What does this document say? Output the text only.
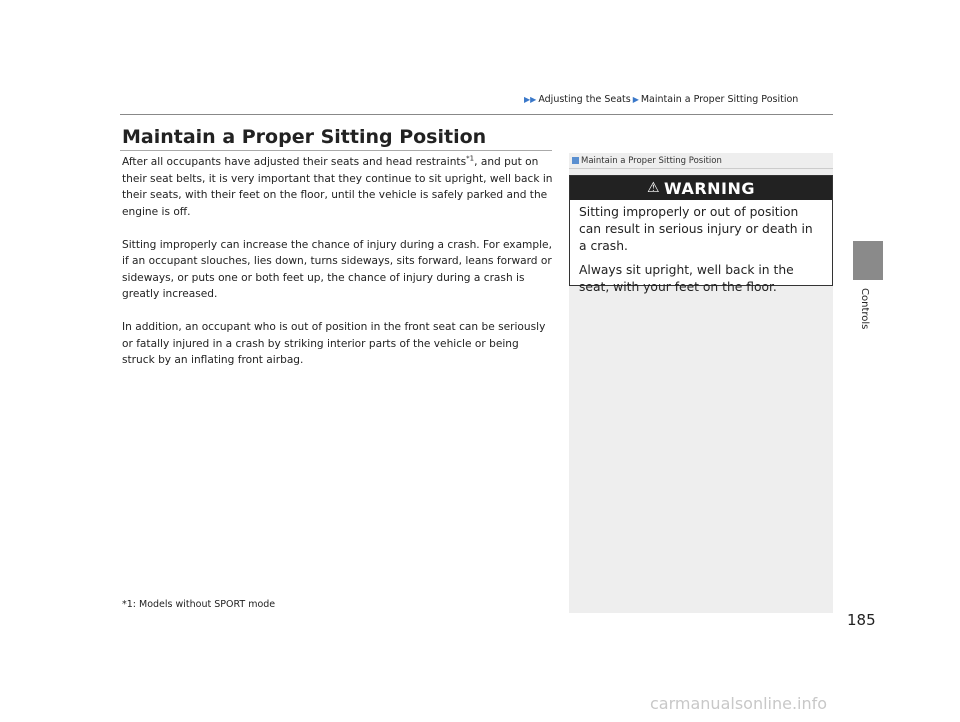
▶▶ Adjusting the Seats ▶ Maintain a Proper Sitting Position
Controls
Maintain a Proper Sitting Position

After all occupants have adjusted their seats and head restraints$^{*1}$, and put on their seat belts, it is very important that they continue to sit upright, well back in their seats, with their feet on the floor, until the vehicle is safely parked and the engine is off.

Sitting improperly can increase the chance of injury during a crash. For example, if an occupant slouches, lies down, turns sideways, sits forward, leans forward or sideways, or puts one or both feet up, the chance of injury during a crash is greatly increased.

In addition, an occupant who is out of position in the front seat can be seriously or fatally injured in a crash by striking interior parts of the vehicle or being struck by an inflating front airbag.

*1: Models without SPORT mode
Maintain a Proper Sitting Position
⚠ WARNING

Sitting improperly or out of position can result in serious injury or death in a crash.

Always sit upright, well back in the seat, with your feet on the floor.

185
carmanualsonline.info
